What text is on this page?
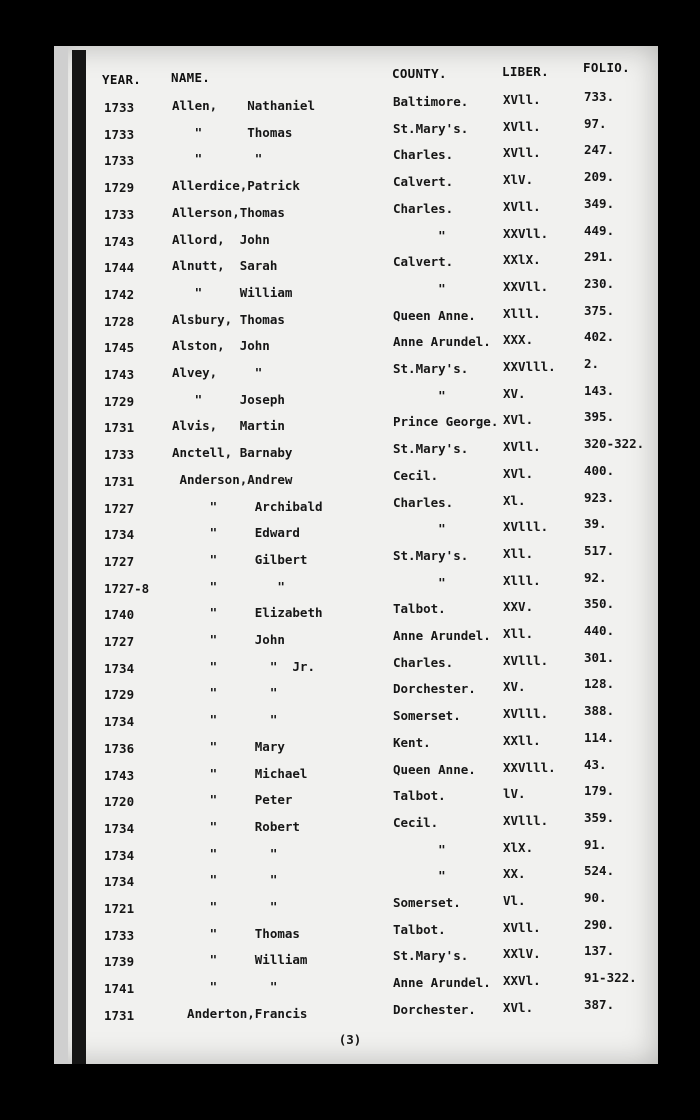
YEAR. NAME.	COUNTY.	LIBER.	FOLIO.
1733	Allen,    Nathaniel	Baltimore.	XVll.	733.
1733	"      Thomas	St.Mary's.	XVll.	97.
1733	"       "	Charles.	XVll.	247.
1729	Allerdice,Patrick	Calvert.	XlV.	209.
1733	Allerson,Thomas	Charles.	XVll.	349.
1743	Allord,  John	"	XXVll.	449.
1744	Alnutt,  Sarah	Calvert.	XXlX.	291.
1742	"     William	"	XXVll.	230.
1728	Alsbury, Thomas	Queen Anne. Xlll.	375.
1745	Alston,  John	Anne Arundel. XXX.	402.
1743	Alvey,     "	St.Mary's.	XXVlll. 2.
1729	"     Joseph	"	XV.	143.
1731	Alvis,   Martin	Prince George. XVl.	395.
1733	Anctell, Barnaby	St.Mary's.	XVll.	320-322.
1731	Anderson,Andrew	Cecil.	XVl.	400.
1727	"     Archibald	Charles.	Xl.	923.
1734	"     Edward	"	XVlll.	39.
1727	"     Gilbert	St.Mary's.	Xll.	517.
1727-8 "        "	"	Xlll.	92.
1740	"     Elizabeth	Talbot.	XXV.	350.
1727	"     John	Anne Arundel. Xll.	440.
1734	"       "  Jr.	Charles.	XVlll.	301.
1729	"       "	Dorchester. XV.	128.
1734	"       "	Somerset.	XVlll.	388.
1736	"     Mary	Kent.	XXll.	114.
1743	"     Michael	Queen Anne. XXVlll. 43.
1720	"     Peter	Talbot.	lV.	179.
1734	"     Robert	Cecil.	XVlll.	359.
1734	"       "	"	XlX.	91.
1734	"       "	"	XX.	524.
1721	"       "	Somerset.	Vl.	90.
1733	"     Thomas	Talbot.	XVll.	290.
1739	"     William	St.Mary's.	XXlV.	137.
1741	"       "	Anne Arundel. XXVl.	91-322.
1731	Anderton,Francis	Dorchester. XVl.	387.
(3)
